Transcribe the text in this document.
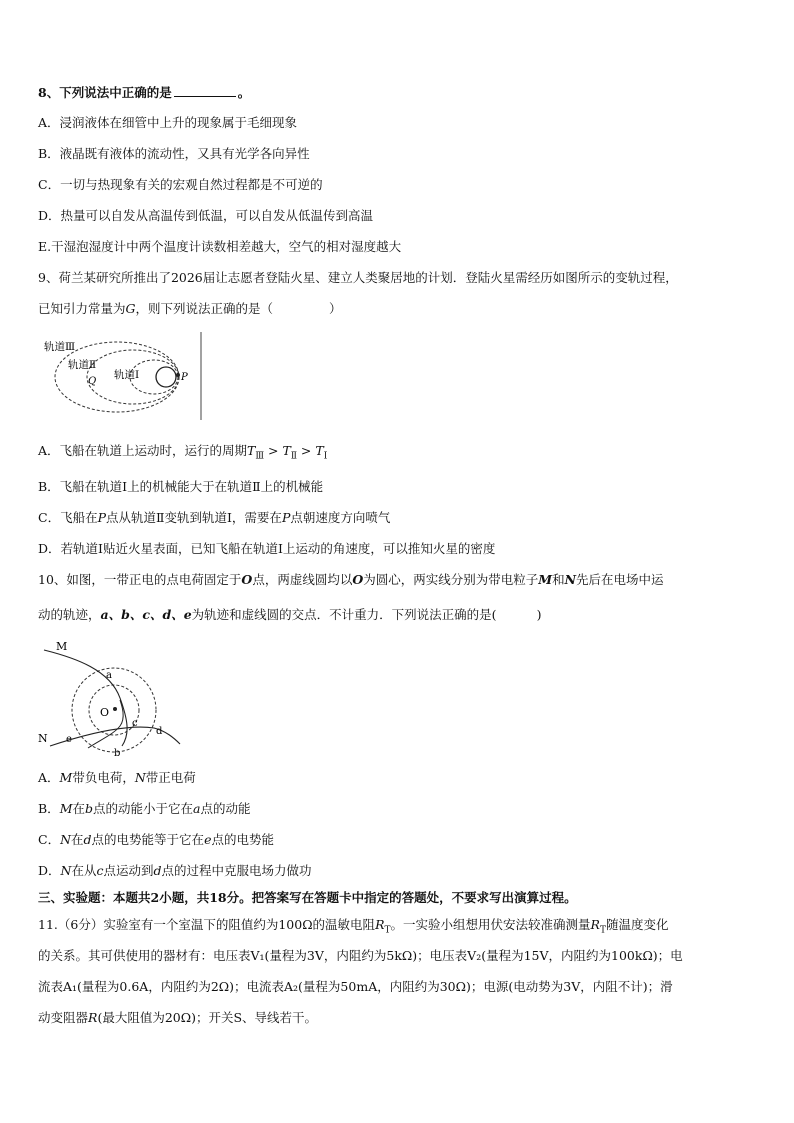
8、下列说法中正确的是	。
A．浸润液体在细管中上升的现象属于毛细现象
B．液晶既有液体的流动性，又具有光学各向异性
C．一切与热现象有关的宏观自然过程都是不可逆的
D．热量可以自发从高温传到低温，可以自发从低温传到高温
E.干湿泡湿度计中两个温度计读数相差越大，空气的相对湿度越大
9、荷兰某研究所推出了2026届让志愿者登陆火星、建立人类聚居地的计划．登陆火星需经历如图所示的变轨过程，
已知引力常量为G，则下列说法正确的是（	）
轨道Ⅲ
轨道Ⅱ
轨道Ⅰ
Q	P
A．飞船在轨道上运动时，运行的周期$T_Ⅲ > T_Ⅱ > T_Ⅰ$
B．飞船在轨道Ⅰ上的机械能大于在轨道Ⅱ上的机械能
C．飞船在P点从轨道Ⅱ变轨到轨道Ⅰ，需要在P点朝速度方向喷气
D．若轨道Ⅰ贴近火星表面，已知飞船在轨道Ⅰ上运动的角速度，可以推知火星的密度
10、如图，一带正电的点电荷固定于O点，两虚线圆均以O为圆心，两实线分别为带电粒子M和N先后在电场中运
动的轨迹，a、b、c、d、e为轨迹和虚线圆的交点．不计重力．下列说法正确的是(	)
M
N
O
a
b
c
d
e
A．M带负电荷，N带正电荷
B．M在b点的动能小于它在a点的动能
C．N在d点的电势能等于它在e点的电势能
D．N在从c点运动到d点的过程中克服电场力做功
三、实验题：本题共2小题，共18分。把答案写在答题卡中指定的答题处，不要求写出演算过程。
11.（6分）实验室有一个室温下的阻值约为100Ω的温敏电阻$R_T$。一实验小组想用伏安法较准确测量$R_T$随温度变化
的关系。其可供使用的器材有：电压表V₁(量程为3V，内阻约为5kΩ)；电压表V₂(量程为15V，内阻约为100kΩ)；电
流表A₁(量程为0.6A，内阻约为2Ω)；电流表A₂(量程为50mA，内阻约为30Ω)；电源(电动势为3V，内阻不计)；滑
动变阻器R(最大阻值为20Ω)；开关S、导线若干。
